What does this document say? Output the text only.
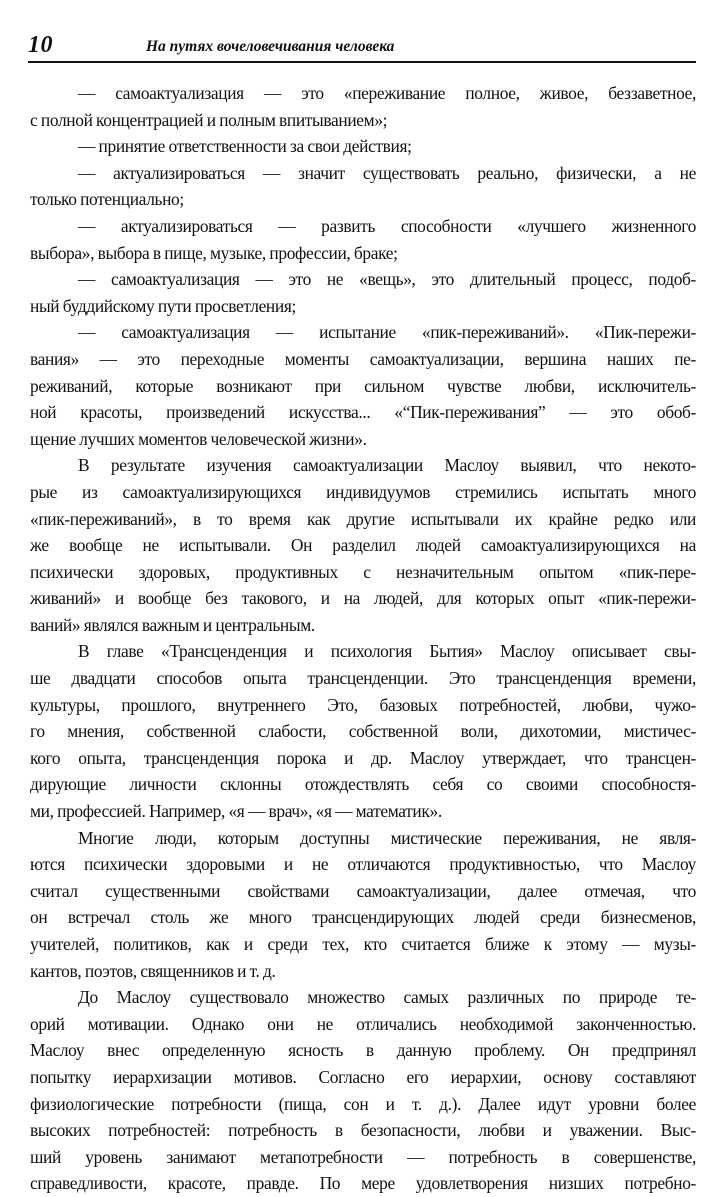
10	На путях вочеловечивания человека
— самоактуализация — это «переживание полное, живое, беззаветное,
с полной концентрацией и полным впитыванием»;
— принятие ответственности за свои действия;
— актуализироваться — значит существовать реально, физически, а не
только потенциально;
— актуализироваться — развить способности «лучшего жизненного
выбора», выбора в пище, музыке, профессии, браке;
— самоактуализация — это не «вещь», это длительный процесс, подоб-
ный буддийскому пути просветления;
— самоактуализация — испытание «пик-переживаний». «Пик-пережи-
вания» — это переходные моменты самоактуализации, вершина наших пе-
реживаний, которые возникают при сильном чувстве любви, исключитель-
ной красоты, произведений искусства... «“Пик-переживания” — это обоб-
щение лучших моментов человеческой жизни».
В результате изучения самоактуализации Маслоу выявил, что некото-
рые из самоактуализирующихся индивидуумов стремились испытать много
«пик-переживаний», в то время как другие испытывали их крайне редко или
же вообще не испытывали. Он разделил людей самоактуализирующихся на
психически здоровых, продуктивных с незначительным опытом «пик-пере-
живаний» и вообще без такового, и на людей, для которых опыт «пик-пережи-
ваний» являлся важным и центральным.
В главе «Трансценденция и психология Бытия» Маслоу описывает свы-
ше двадцати способов опыта трансценденции. Это трансценденция времени,
культуры, прошлого, внутреннего Это, базовых потребностей, любви, чужо-
го мнения, собственной слабости, собственной воли, дихотомии, мистичес-
кого опыта, трансценденция порока и др. Маслоу утверждает, что трансцен-
дирующие личности склонны отождествлять себя со своими способностя-
ми, профессией. Например, «я — врач», «я — математик».
Многие люди, которым доступны мистические переживания, не явля-
ются психически здоровыми и не отличаются продуктивностью, что Маслоу
считал существенными свойствами самоактуализации, далее отмечая, что
он встречал столь же много трансцендирующих людей среди бизнесменов,
учителей, политиков, как и среди тех, кто считается ближе к этому — музы-
кантов, поэтов, священников и т. д.
До Маслоу существовало множество самых различных по природе те-
орий мотивации. Однако они не отличались необходимой законченностью.
Маслоу внес определенную ясность в данную проблему. Он предпринял
попытку иерархизации мотивов. Согласно его иерархии, основу составляют
физиологические потребности (пища, сон и т. д.). Далее идут уровни более
высоких потребностей: потребность в безопасности, любви и уважении. Выс-
ший уровень занимают метапотребности — потребность в совершенстве,
справедливости, красоте, правде. По мере удовлетворения низших потребно-
